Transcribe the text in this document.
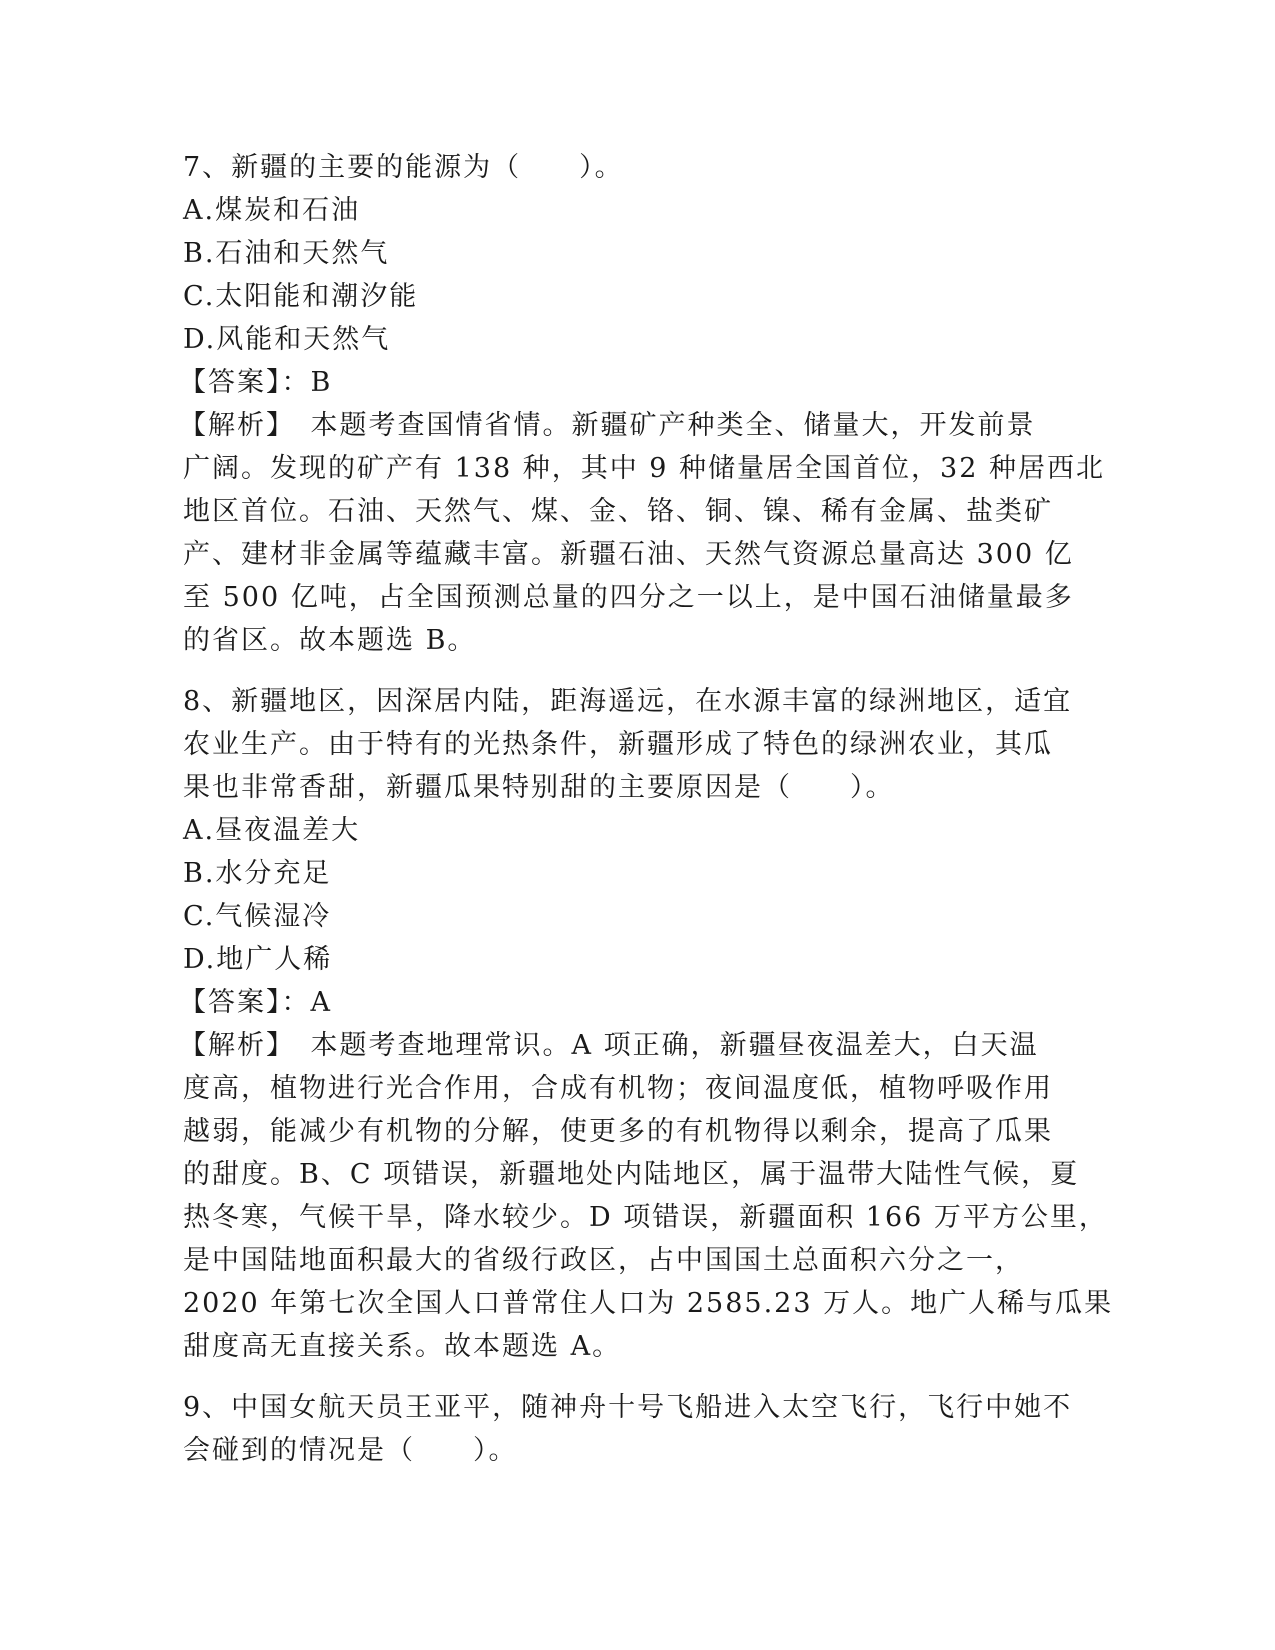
7、新疆的主要的能源为（　　）。
A.煤炭和石油
B.石油和天然气
C.太阳能和潮汐能
D.风能和天然气
【答案】：B
【解析】　本题考查国情省情。新疆矿产种类全、储量大，开发前景
广阔。发现的矿产有 138 种，其中 9 种储量居全国首位，32 种居西北
地区首位。石油、天然气、煤、金、铬、铜、镍、稀有金属、盐类矿
产、建材非金属等蕴藏丰富。新疆石油、天然气资源总量高达 300 亿
至 500 亿吨，占全国预测总量的四分之一以上，是中国石油储量最多
的省区。故本题选 B。
8、新疆地区，因深居内陆，距海遥远，在水源丰富的绿洲地区，适宜
农业生产。由于特有的光热条件，新疆形成了特色的绿洲农业，其瓜
果也非常香甜，新疆瓜果特别甜的主要原因是（　　）。
A.昼夜温差大
B.水分充足
C.气候湿冷
D.地广人稀
【答案】：A
【解析】　本题考查地理常识。A 项正确，新疆昼夜温差大，白天温
度高，植物进行光合作用，合成有机物；夜间温度低，植物呼吸作用
越弱，能减少有机物的分解，使更多的有机物得以剩余，提高了瓜果
的甜度。B、C 项错误，新疆地处内陆地区，属于温带大陆性气候，夏
热冬寒，气候干旱，降水较少。D 项错误，新疆面积 166 万平方公里，
是中国陆地面积最大的省级行政区，占中国国土总面积六分之一，
2020 年第七次全国人口普常住人口为 2585.23 万人。地广人稀与瓜果
甜度高无直接关系。故本题选 A。
9、中国女航天员王亚平，随神舟十号飞船进入太空飞行，飞行中她不
会碰到的情况是（　　）。
